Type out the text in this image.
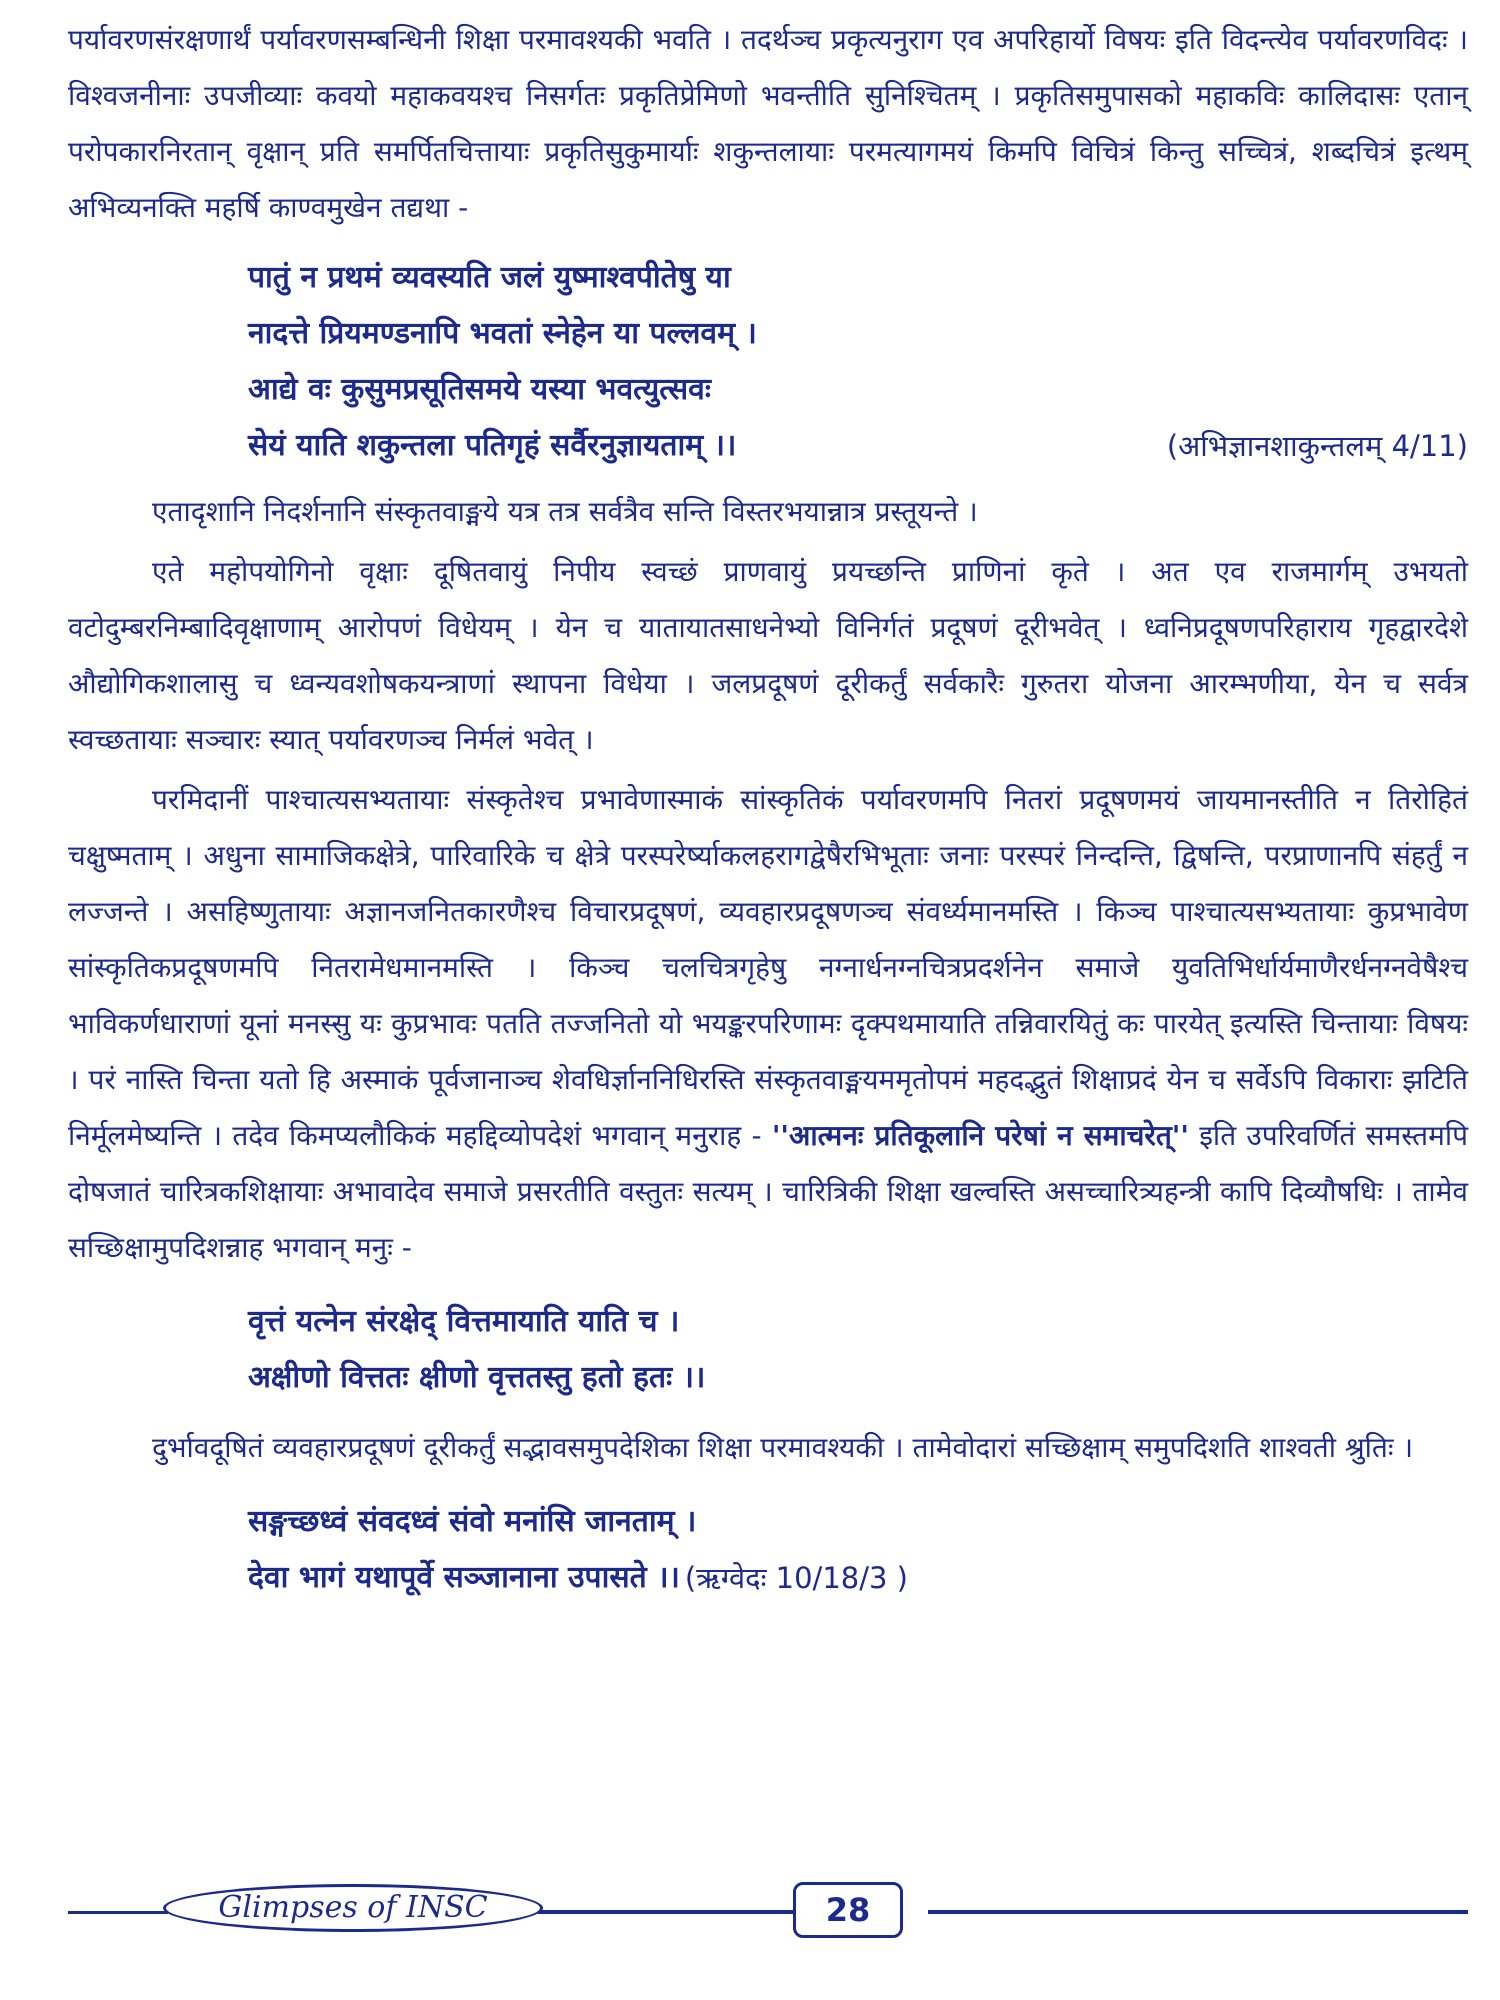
पर्यावरणसंरक्षणार्थं पर्यावरणसम्बन्धिनी शिक्षा परमावश्यकी भवति । तदर्थञ्च प्रकृत्यनुराग एव अपरिहार्यो विषयः इति विदन्त्येव पर्यावरणविदः । विश्वजनीनाः उपजीव्याः कवयो महाकवयश्च निसर्गतः प्रकृतिप्रेमिणो भवन्तीति सुनिश्चितम् । प्रकृतिसमुपासको महाकविः कालिदासः एतान् परोपकारनिरतान् वृक्षान् प्रति समर्पितचित्तायाः प्रकृतिसुकुमार्याः शकुन्तलायाः परमत्यागमयं किमपि विचित्रं किन्तु सच्चित्रं, शब्दचित्रं इत्थम् अभिव्यनक्ति महर्षि काण्वमुखेन तद्यथा -

पातुं न प्रथमं व्यवस्यति जलं युष्माश्वपीतेषु या
नादत्ते प्रियमण्डनापि भवतां स्नेहेन या पल्लवम् ।
आद्ये वः कुसुमप्रसूतिसमये यस्या भवत्युत्सवः
सेयं याति शकुन्तला पतिगृहं सर्वैरनुज्ञायताम् ।।	(अभिज्ञानशाकुन्तलम् 4/11)

एतादृशानि निदर्शनानि संस्कृतवाङ्मये यत्र तत्र सर्वत्रैव सन्ति विस्तरभयान्नात्र प्रस्तूयन्ते ।

एते महोपयोगिनो वृक्षाः दूषितवायुं निपीय स्वच्छं प्राणवायुं प्रयच्छन्ति प्राणिनां कृते । अत एव राजमार्गम् उभयतो वटोदुम्बरनिम्बादिवृक्षाणाम् आरोपणं विधेयम् । येन च यातायातसाधनेभ्यो विनिर्गतं प्रदूषणं दूरीभवेत् । ध्वनिप्रदूषणपरिहाराय गृहद्वारदेशे औद्योगिकशालासु च ध्वन्यवशोषकयन्त्राणां स्थापना विधेया । जलप्रदूषणं दूरीकर्तुं सर्वकारैः गुरुतरा योजना आरम्भणीया, येन च सर्वत्र स्वच्छतायाः सञ्चारः स्यात् पर्यावरणञ्च निर्मलं भवेत् ।

परमिदानीं पाश्चात्यसभ्यतायाः संस्कृतेश्च प्रभावेणास्माकं सांस्कृतिकं पर्यावरणमपि नितरां प्रदूषणमयं जायमानस्तीति न तिरोहितं चक्षुष्मताम् । अधुना सामाजिकक्षेत्रे, पारिवारिके च क्षेत्रे परस्परेर्ष्याकलहरागद्वेषैरभिभूताः जनाः परस्परं निन्दन्ति, द्विषन्ति, परप्राणानपि संहर्तुं न लज्जन्ते । असहिष्णुतायाः अज्ञानजनितकारणैश्च विचारप्रदूषणं, व्यवहारप्रदूषणञ्च संवर्ध्यमानमस्ति । किञ्च पाश्चात्यसभ्यतायाः कुप्रभावेण सांस्कृतिकप्रदूषणमपि नितरामेधमानमस्ति । किञ्च चलचित्रगृहेषु नग्नार्धनग्नचित्रप्रदर्शनेन समाजे युवतिभिर्धार्यमाणैरर्धनग्नवेषैश्च भाविकर्णधाराणां यूनां मनस्सु यः कुप्रभावः पतति तज्जनितो यो भयङ्करपरिणामः दृक्पथमायाति तन्निवारयितुं कः पारयेत् इत्यस्ति चिन्तायाः विषयः । परं नास्ति चिन्ता यतो हि अस्माकं पूर्वजानाञ्च शेवधिर्ज्ञाननिधिरस्ति संस्कृतवाङ्मयममृतोपमं महदद्भुतं शिक्षाप्रदं येन च सर्वेऽपि विकाराः झटिति निर्मूलमेष्यन्ति । तदेव किमप्यलौकिकं महद्दिव्योपदेशं भगवान् मनुराह - ''आत्मनः प्रतिकूलानि परेषां न समाचरेत्'' इति उपरिवर्णितं समस्तमपि दोषजातं चारित्रकशिक्षायाः अभावादेव समाजे प्रसरतीति वस्तुतः सत्यम् । चारित्रिकी शिक्षा खल्वस्ति असच्चारित्र्यहन्त्री कापि दिव्यौषधिः । तामेव सच्छिक्षामुपदिशन्नाह भगवान् मनुः -

वृत्तं यत्नेन संरक्षेद् वित्तमायाति याति च ।
अक्षीणो वित्ततः क्षीणो वृत्ततस्तु हतो हतः ।।

दुर्भावदूषितं व्यवहारप्रदूषणं दूरीकर्तुं सद्भावसमुपदेशिका शिक्षा परमावश्यकी । तामेवोदारां सच्छिक्षाम् समुपदिशति शाश्वती श्रुतिः ।

सङ्गच्छध्वं संवदध्वं संवो मनांसि जानताम् ।
देवा भागं यथापूर्वे सञ्जानाना उपासते ।। (ऋग्वेदः 10/18/3 )
Glimpses of INSC	28
